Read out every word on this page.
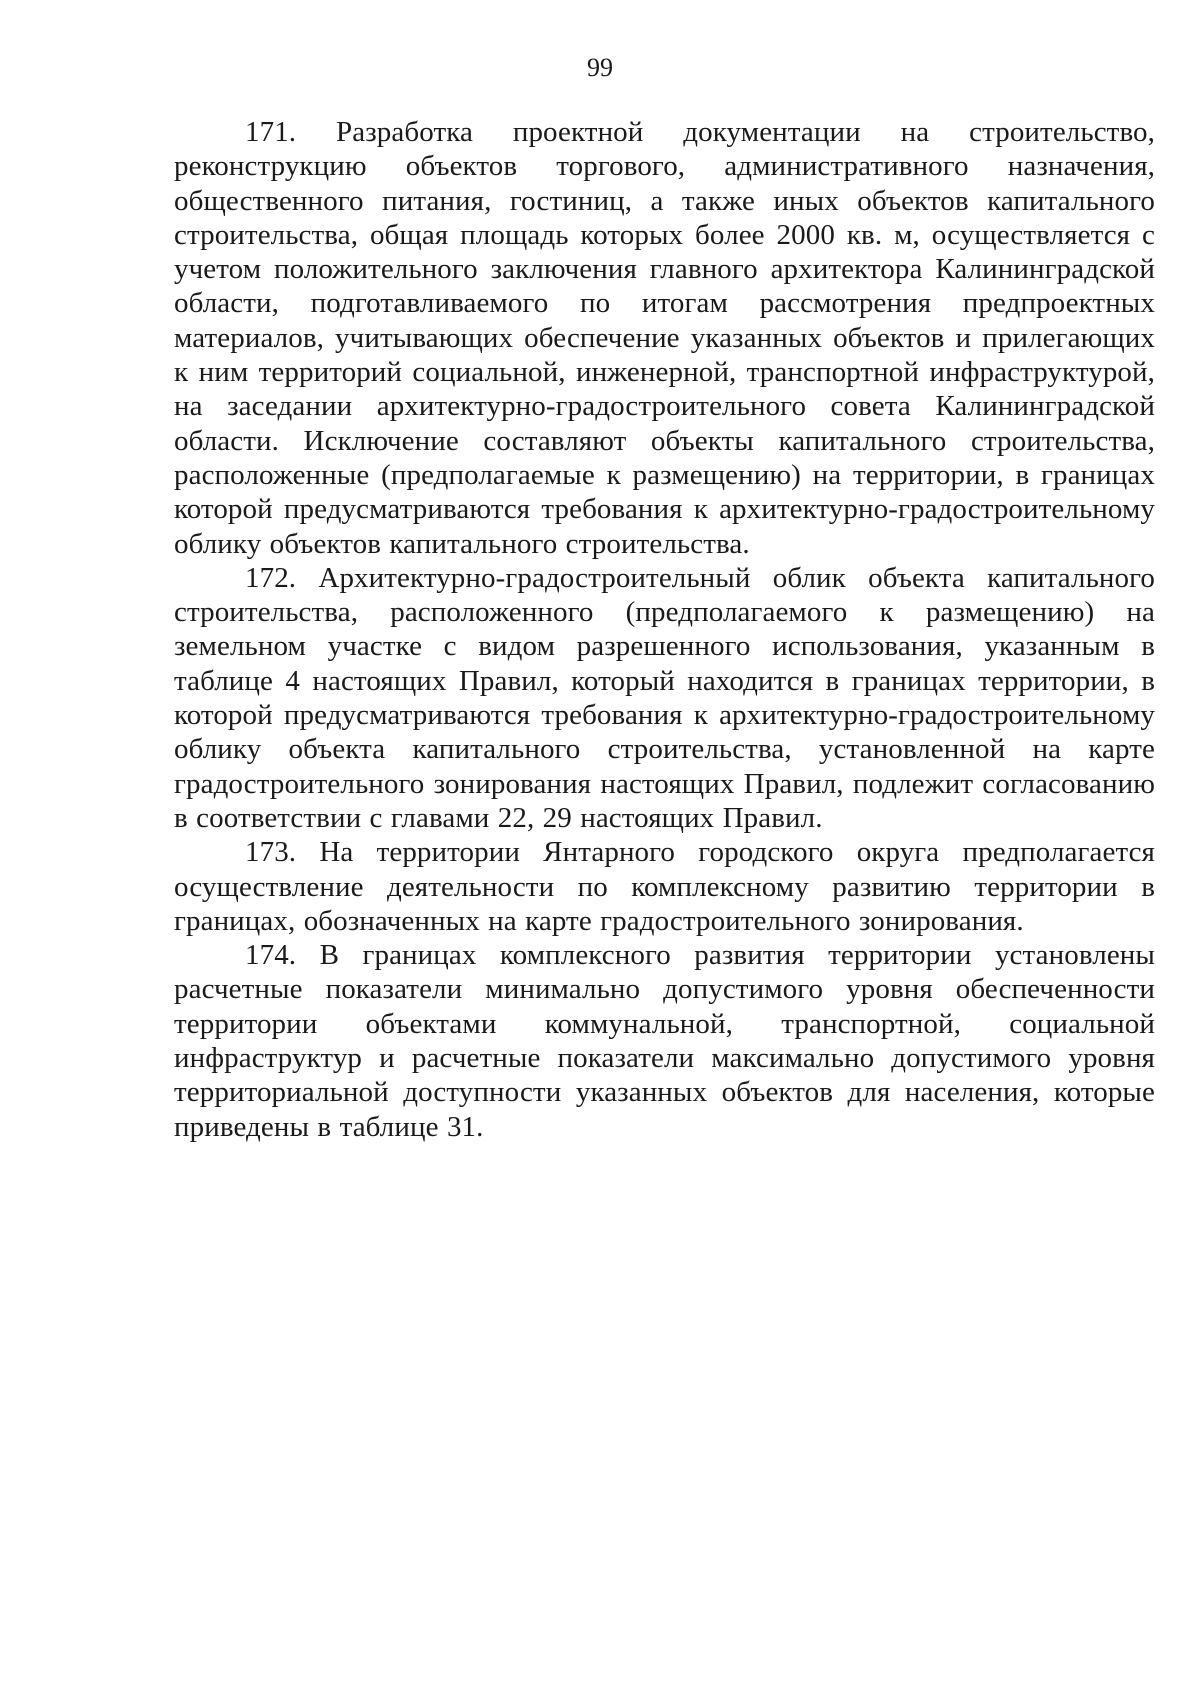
99

171. Разработка проектной документации на строительство, реконструкцию объектов торгового, административного назначения, общественного питания, гостиниц, а также иных объектов капитального строительства, общая площадь которых более 2000 кв. м, осуществляется с учетом положительного заключения главного архитектора Калининградской области, подготавливаемого по итогам рассмотрения предпроектных материалов, учитывающих обеспечение указанных объектов и прилегающих к ним территорий социальной, инженерной, транспортной инфраструктурой, на заседании архитектурно-градостроительного совета Калининградской области. Исключение составляют объекты капитального строительства, расположенные (предполагаемые к размещению) на территории, в границах которой предусматриваются требования к архитектурно-градостроительному облику объектов капитального строительства.

172. Архитектурно-градостроительный облик объекта капитального строительства, расположенного (предполагаемого к размещению) на земельном участке с видом разрешенного использования, указанным в таблице 4 настоящих Правил, который находится в границах территории, в которой предусматриваются требования к архитектурно-градостроительному облику объекта капитального строительства, установленной на карте градостроительного зонирования настоящих Правил, подлежит согласованию в соответствии с главами 22, 29 настоящих Правил.

173. На территории Янтарного городского округа предполагается осуществление деятельности по комплексному развитию территории в границах, обозначенных на карте градостроительного зонирования.

174. В границах комплексного развития территории установлены расчетные показатели минимально допустимого уровня обеспеченности территории объектами коммунальной, транспортной, социальной инфраструктур и расчетные показатели максимально допустимого уровня территориальной доступности указанных объектов для населения, которые приведены в таблице 31.
